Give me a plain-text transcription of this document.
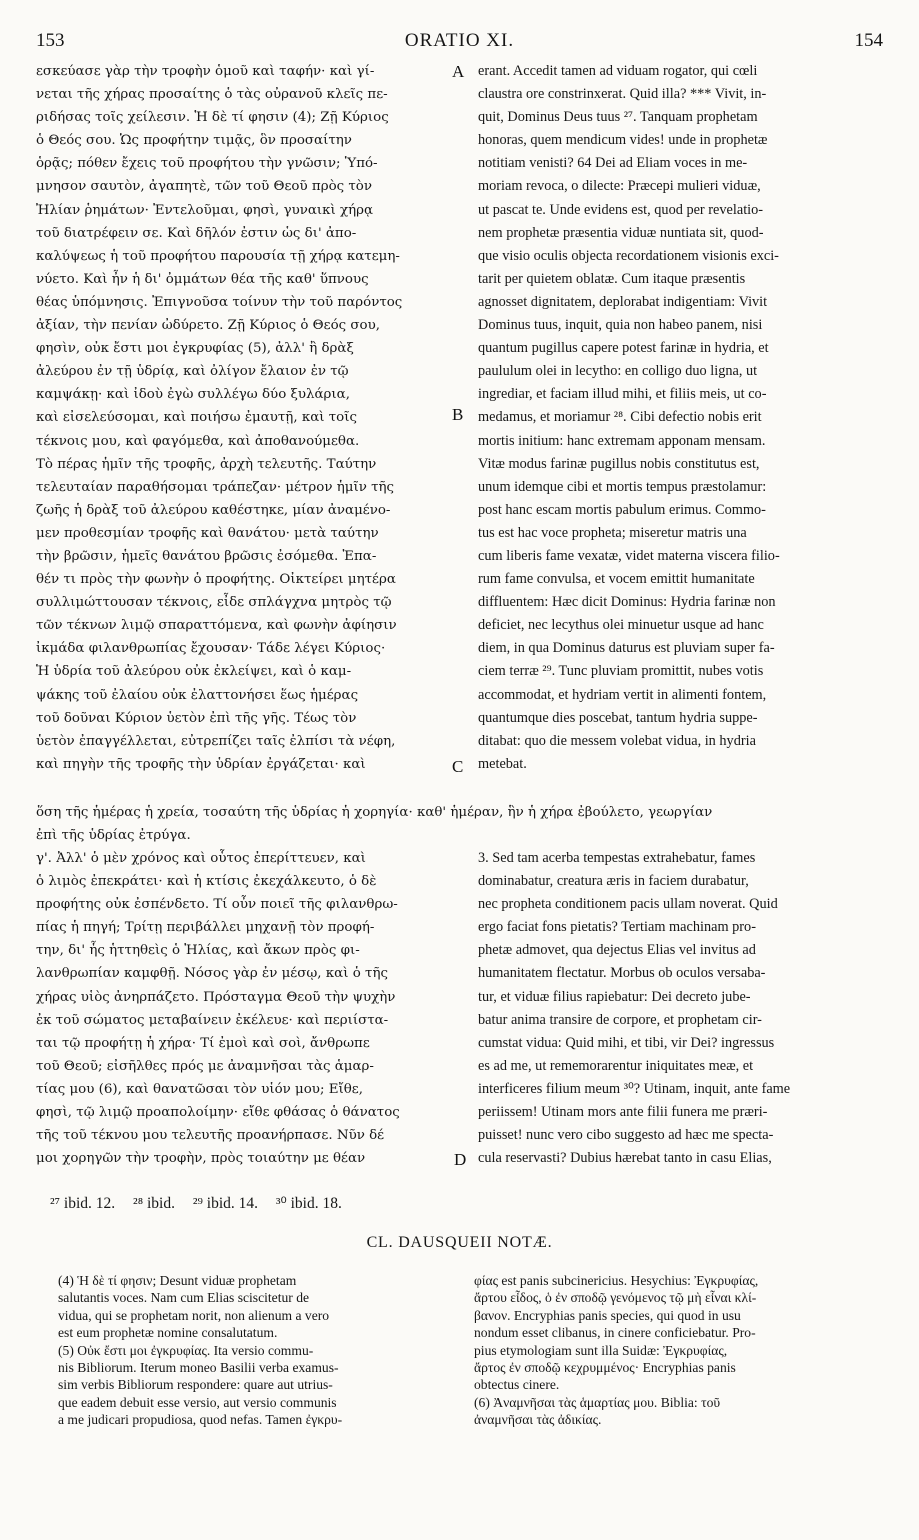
153	ORATIO XI.	154
εσκεύασε γὰρ τὴν τροφὴν ὁμοῦ καὶ ταφήν· καὶ γί-
νεται τῆς χήρας προσαίτης ὁ τὰς οὐρανοῦ κλεῖς πε-
ριδήσας τοῖς χείλεσιν. Ἡ δὲ τί φησιν (4); Ζῇ Κύριος
ὁ Θεός σου. Ὡς προφήτην τιμᾷς, ὃν προσαίτην
ὁρᾷς; πόθεν ἔχεις τοῦ προφήτου τὴν γνῶσιν; Ὑπό-
μνησον σαυτὸν, ἀγαπητὲ, τῶν τοῦ Θεοῦ πρὸς τὸν
Ἠλίαν ῥημάτων· Ἐντελοῦμαι, φησὶ, γυναικὶ χήρᾳ
τοῦ διατρέφειν σε. Καὶ δῆλόν ἐστιν ὡς δι' ἀπο-
καλύψεως ἡ τοῦ προφήτου παρουσία τῇ χήρᾳ κατεμη-
νύετο. Καὶ ἦν ἡ δι' ὀμμάτων θέα τῆς καθ' ὕπνους
θέας ὑπόμνησις. Ἐπιγνοῦσα τοίνυν τὴν τοῦ παρόντος
ἀξίαν, τὴν πενίαν ὠδύρετο. Ζῇ Κύριος ὁ Θεός σου,
φησὶν, οὐκ ἔστι μοι ἐγκρυφίας (5), ἀλλ' ἢ δρὰξ
ἀλεύρου ἐν τῇ ὑδρίᾳ, καὶ ὀλίγον ἔλαιον ἐν τῷ
καμψάκῃ· καὶ ἰδοὺ ἐγὼ συλλέγω δύο ξυλάρια,
καὶ εἰσελεύσομαι, καὶ ποιήσω ἐμαυτῇ, καὶ τοῖς
τέκνοις μου, καὶ φαγόμεθα, καὶ ἀποθανούμεθα.
Τὸ πέρας ἡμῖν τῆς τροφῆς, ἀρχὴ τελευτῆς. Ταύτην
τελευταίαν παραθήσομαι τράπεζαν· μέτρον ἡμῖν τῆς
ζωῆς ἡ δρὰξ τοῦ ἀλεύρου καθέστηκε, μίαν ἀναμένο-
μεν προθεσμίαν τροφῆς καὶ θανάτου· μετὰ ταύτην
τὴν βρῶσιν, ἡμεῖς θανάτου βρῶσις ἐσόμεθα. Ἐπα-
θέν τι πρὸς τὴν φωνὴν ὁ προφήτης. Οἰκτείρει μητέρα
συλλιμώττουσαν τέκνοις, εἶδε σπλάγχνα μητρὸς τῷ
τῶν τέκνων λιμῷ σπαραττόμενα, καὶ φωνὴν ἀφίησιν
ἰκμάδα φιλανθρωπίας ἔχουσαν· Τάδε λέγει Κύριος·
Ἡ ὑδρία τοῦ ἀλεύρου οὐκ ἐκλείψει, καὶ ὁ καμ-
ψάκης τοῦ ἐλαίου οὐκ ἐλαττονήσει ἕως ἡμέρας
τοῦ δοῦναι Κύριον ὑετὸν ἐπὶ τῆς γῆς. Τέως τὸν
ὑετὸν ἐπαγγέλλεται, εὐτρεπίζει ταῖς ἐλπίσι τὰ νέφη,
καὶ πηγὴν τῆς τροφῆς τὴν ὑδρίαν ἐργάζεται· καὶ
erant. Accedit tamen ad viduam rogator, qui cœli
claustra ore constrinxerat. Quid illa? *** Vivit, in-
quit, Dominus Deus tuus ²⁷. Tanquam prophetam
honoras, quem mendicum vides! unde in prophetæ
notitiam venisti? 64 Dei ad Eliam voces in me-
moriam revoca, o dilecte: Præcepi mulieri viduæ,
ut pascat te. Unde evidens est, quod per revelatio-
nem prophetæ præsentia viduæ nuntiata sit, quod-
que visio oculis objecta recordationem visionis exci-
tarit per quietem oblatæ. Cum itaque præsentis
agnosset dignitatem, deplorabat indigentiam: Vivit
Dominus tuus, inquit, quia non habeo panem, nisi
quantum pugillus capere potest farinæ in hydria, et
paululum olei in lecytho: en colligo duo ligna, ut
ingrediar, et faciam illud mihi, et filiis meis, ut co-
medamus, et moriamur ²⁸. Cibi defectio nobis erit
mortis initium: hanc extremam apponam mensam.
Vitæ modus farinæ pugillus nobis constitutus est,
unum idemque cibi et mortis tempus præstolamur:
post hanc escam mortis pabulum erimus. Commo-
tus est hac voce propheta; miseretur matris una
cum liberis fame vexatæ, videt materna viscera filio-
rum fame convulsa, et vocem emittit humanitate
diffluentem: Hæc dicit Dominus: Hydria farinæ non
deficiet, nec lecythus olei minuetur usque ad hanc
diem, in qua Dominus daturus est pluviam super fa-
ciem terræ ²⁹. Tunc pluviam promittit, nubes votis
accommodat, et hydriam vertit in alimenti fontem,
quantumque dies poscebat, tantum hydria suppe-
ditabat: quo die messem volebat vidua, in hydria
metebat.
ὅση τῆς ἡμέρας ἡ χρεία, τοσαύτη τῆς ὑδρίας ἡ χορηγία· καθ' ἡμέραν, ἣν ἡ χήρα ἐβούλετο, γεωργίαν
ἐπὶ τῆς ὑδρίας ἐτρύγα.
γ'. Ἀλλ' ὁ μὲν χρόνος καὶ οὗτος ἐπερίττευεν, καὶ
ὁ λιμὸς ἐπεκράτει· καὶ ἡ κτίσις ἐκεχάλκευτο, ὁ δὲ
προφήτης οὐκ ἐσπένδετο. Τί οὖν ποιεῖ τῆς φιλανθρω-
πίας ἡ πηγή; Τρίτῃ περιβάλλει μηχανῇ τὸν προφή-
την, δι' ἧς ἡττηθεὶς ὁ Ἠλίας, καὶ ἄκων πρὸς φι-
λανθρωπίαν καμφθῇ. Νόσος γὰρ ἐν μέσῳ, καὶ ὁ τῆς
χήρας υἱὸς ἀνηρπάζετο. Πρόσταγμα Θεοῦ τὴν ψυχὴν
ἐκ τοῦ σώματος μεταβαίνειν ἐκέλευε· καὶ περιίστα-
ται τῷ προφήτῃ ἡ χήρα· Τί ἐμοὶ καὶ σοὶ, ἄνθρωπε
τοῦ Θεοῦ; εἰσῆλθες πρός με ἀναμνῆσαι τὰς ἁμαρ-
τίας μου (6), καὶ θανατῶσαι τὸν υἱόν μου; Εἴθε,
φησὶ, τῷ λιμῷ προαπολοίμην· εἴθε φθάσας ὁ θάνατος
τῆς τοῦ τέκνου μου τελευτῆς προανήρπασε. Νῦν δέ
μοι χορηγῶν τὴν τροφὴν, πρὸς τοιαύτην με θέαν
3. Sed tam acerba tempestas extrahebatur, fames
dominabatur, creatura æris in faciem durabatur,
nec propheta conditionem pacis ullam noverat. Quid
ergo faciat fons pietatis? Tertiam machinam pro-
phetæ admovet, qua dejectus Elias vel invitus ad
humanitatem flectatur. Morbus ob oculos versaba-
tur, et viduæ filius rapiebatur: Dei decreto jube-
batur anima transire de corpore, et prophetam cir-
cumstat vidua: Quid mihi, et tibi, vir Dei? ingressus
es ad me, ut rememorarentur iniquitates meæ, et
interficeres filium meum ³⁰? Utinam, inquit, ante fame
periissem! Utinam mors ante filii funera me præri-
puisset! nunc vero cibo suggesto ad hæc me specta-
cula reservasti? Dubius hærebat tanto in casu Elias,
A
B
C
D
²⁷ ibid. 12. ²⁸ ibid. ²⁹ ibid. 14. ³⁰ ibid. 18.
CL. DAUSQUEII NOTÆ.
(4) Ἡ δὲ τί φησιν; Desunt viduæ prophetam
salutantis voces. Nam cum Elias sciscitetur de
vidua, qui se prophetam norit, non alienum a vero
est eum prophetæ nomine consalutatum.
(5) Οὐκ ἔστι μοι ἐγκρυφίας. Ita versio commu-
nis Bibliorum. Iterum moneo Basilii verba examus-
sim verbis Bibliorum respondere: quare aut utrius-
que eadem debuit esse versio, aut versio communis
a me judicari propudiosa, quod nefas. Tamen ἐγκρυ-
φίας est panis subcinericius. Hesychius: Ἐγκρυφίας,
ἄρτου εἶδος, ὁ ἐν σποδῷ γενόμενος τῷ μὴ εἶναι κλί-
βανον. Encryphias panis species, qui quod in usu
nondum esset clibanus, in cinere conficiebatur. Pro-
pius etymologiam sunt illa Suidæ: Ἐγκρυφίας,
ἄρτος ἐν σποδῷ κεχρυμμένος· Encryphias panis
obtectus cinere.
(6) Ἀναμνῆσαι τὰς ἁμαρτίας μου. Biblia: τοῦ
ἀναμνῆσαι τὰς ἀδικίας.
